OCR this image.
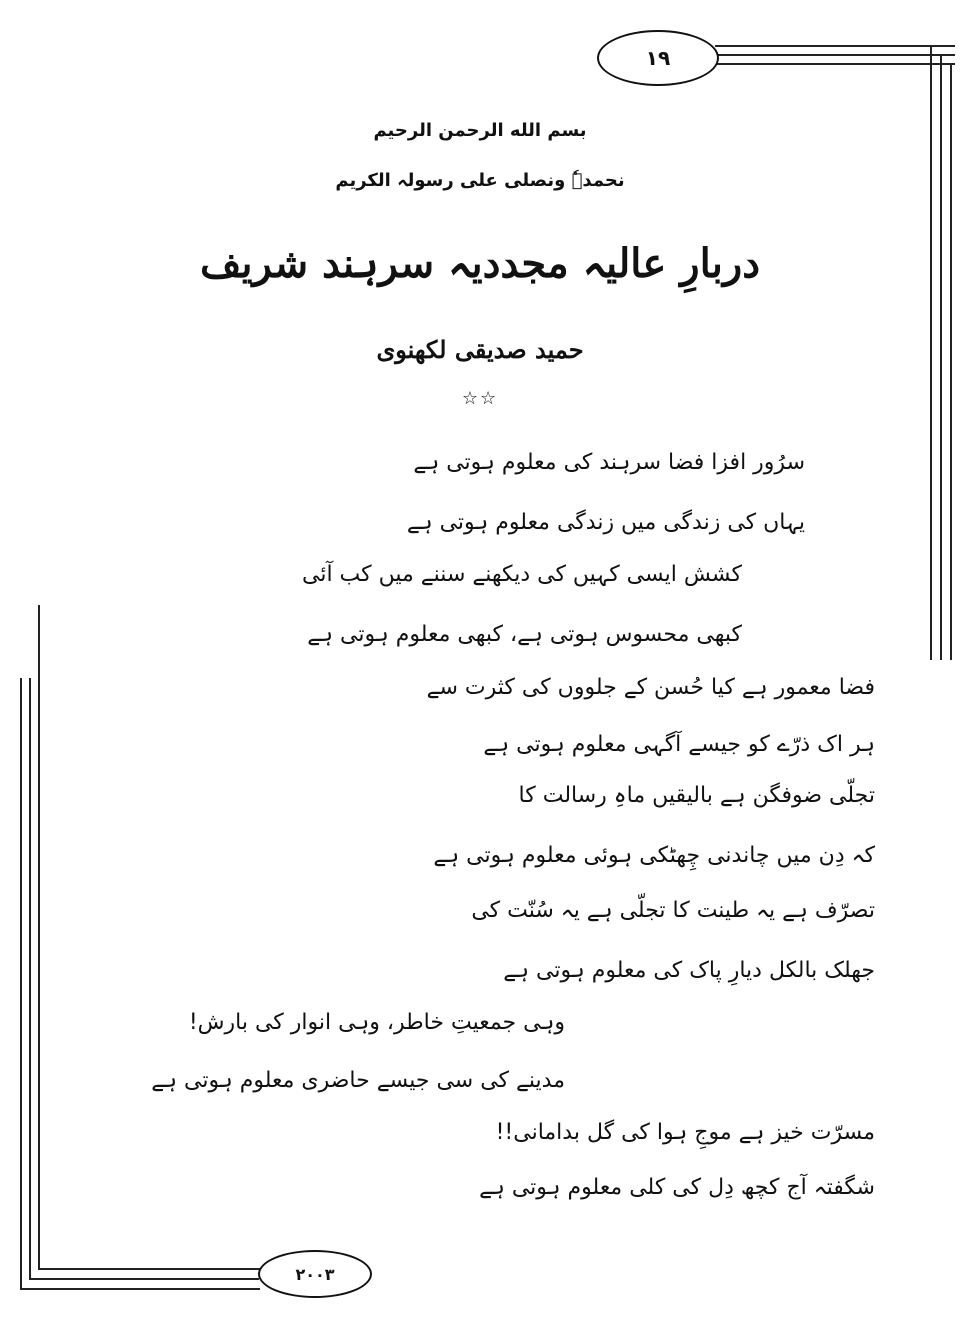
۱۹
بسم الله الرحمن الرحیم
نحمدہٗ ونصلی علی رسولہ الکریم
دربارِ عالیہ مجددیہ سرہند شریف
حمید صدیقی لکھنوی
☆☆
سرُور افزا فضا سرہند کی معلوم ہوتی ہے
یہاں کی زندگی میں زندگی معلوم ہوتی ہے
کشش ایسی کہیں کی دیکھنے سننے میں کب آئی
کبھی محسوس ہوتی ہے، کبھی معلوم ہوتی ہے
فضا معمور ہے کیا حُسن کے جلووں کی کثرت سے
ہر اک ذرّے کو جیسے آگہی معلوم ہوتی ہے
تجلّی ضوفگن ہے بالیقیں ماہِ رسالت کا
کہ دِن میں چاندنی چِھٹکی ہوئی معلوم ہوتی ہے
تصرّف ہے یہ طینت کا تجلّی ہے یہ سُنّت کی
جھلک بالکل دیارِ پاک کی معلوم ہوتی ہے
وہی جمعیتِ خاطر، وہی انوار کی بارش!
مدینے کی سی جیسے حاضری معلوم ہوتی ہے
مسرّت خیز ہے موجِ ہوا کی گل بدامانی!!
شگفتہ آج کچھ دِل کی کلی معلوم ہوتی ہے
۲۰۰۳
